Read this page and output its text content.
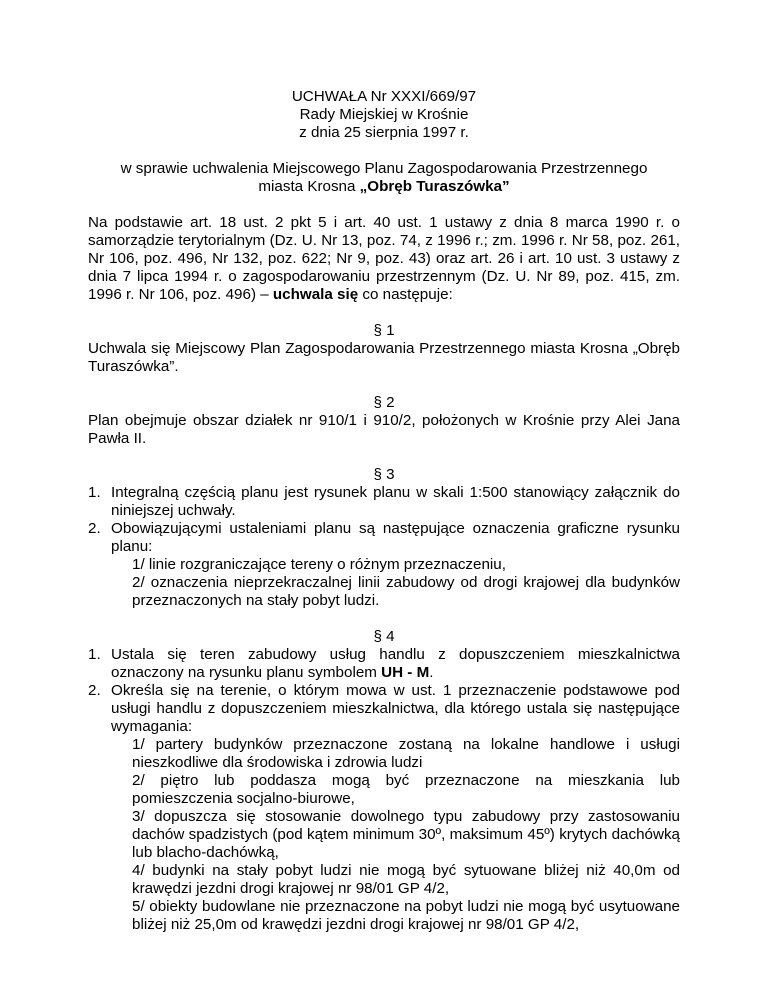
UCHWAŁA Nr XXXI/669/97
Rady Miejskiej w Krośnie
z dnia 25 sierpnia 1997 r.
w sprawie uchwalenia Miejscowego Planu Zagospodarowania Przestrzennego
miasta Krosna „Obręb Turaszówka”

Na podstawie art. 18 ust. 2 pkt 5 i art. 40 ust. 1 ustawy z dnia 8 marca 1990 r. o samorządzie terytorialnym (Dz. U. Nr 13, poz. 74, z 1996 r.; zm. 1996 r. Nr 58, poz. 261, Nr 106, poz. 496, Nr 132, poz. 622; Nr 9, poz. 43) oraz art. 26 i art. 10 ust. 3 ustawy z dnia 7 lipca 1994 r. o zagospodarowaniu przestrzennym (Dz. U. Nr 89, poz. 415, zm. 1996 r. Nr 106, poz. 496) – uchwala się co następuje:

§ 1

Uchwala się Miejscowy Plan Zagospodarowania Przestrzennego miasta Krosna „Obręb Turaszówka”.

§ 2

Plan obejmuje obszar działek nr 910/1 i 910/2, położonych w Krośnie przy Alei Jana Pawła II.

§ 3
1. Integralną częścią planu jest rysunek planu w skali 1:500 stanowiący załącznik do niniejszej uchwały.
2. Obowiązującymi ustaleniami planu są następujące oznaczenia graficzne rysunku planu:
1/ linie rozgraniczające tereny o różnym przeznaczeniu,
2/ oznaczenia nieprzekraczalnej linii zabudowy od drogi krajowej dla budynków przeznaczonych na stały pobyt ludzi.
§ 4
1. Ustala się teren zabudowy usług handlu z dopuszczeniem mieszkalnictwa oznaczony na rysunku planu symbolem UH - M.
2. Określa się na terenie, o którym mowa w ust. 1 przeznaczenie podstawowe pod usługi handlu z dopuszczeniem mieszkalnictwa, dla którego ustala się następujące wymagania:
1/ partery budynków przeznaczone zostaną na lokalne handlowe i usługi nieszkodliwe dla środowiska i zdrowia ludzi
2/ piętro lub poddasza mogą być przeznaczone na mieszkania lub pomieszczenia socjalno-biurowe,
3/ dopuszcza się stosowanie dowolnego typu zabudowy przy zastosowaniu dachów spadzistych (pod kątem minimum 30º, maksimum 45º) krytych dachówką lub blacho-dachówką,
4/ budynki na stały pobyt ludzi nie mogą być sytuowane bliżej niż 40,0m od krawędzi jezdni drogi krajowej nr 98/01 GP 4/2,
5/ obiekty budowlane nie przeznaczone na pobyt ludzi nie mogą być usytuowane bliżej niż 25,0m od krawędzi jezdni drogi krajowej nr 98/01 GP 4/2,
